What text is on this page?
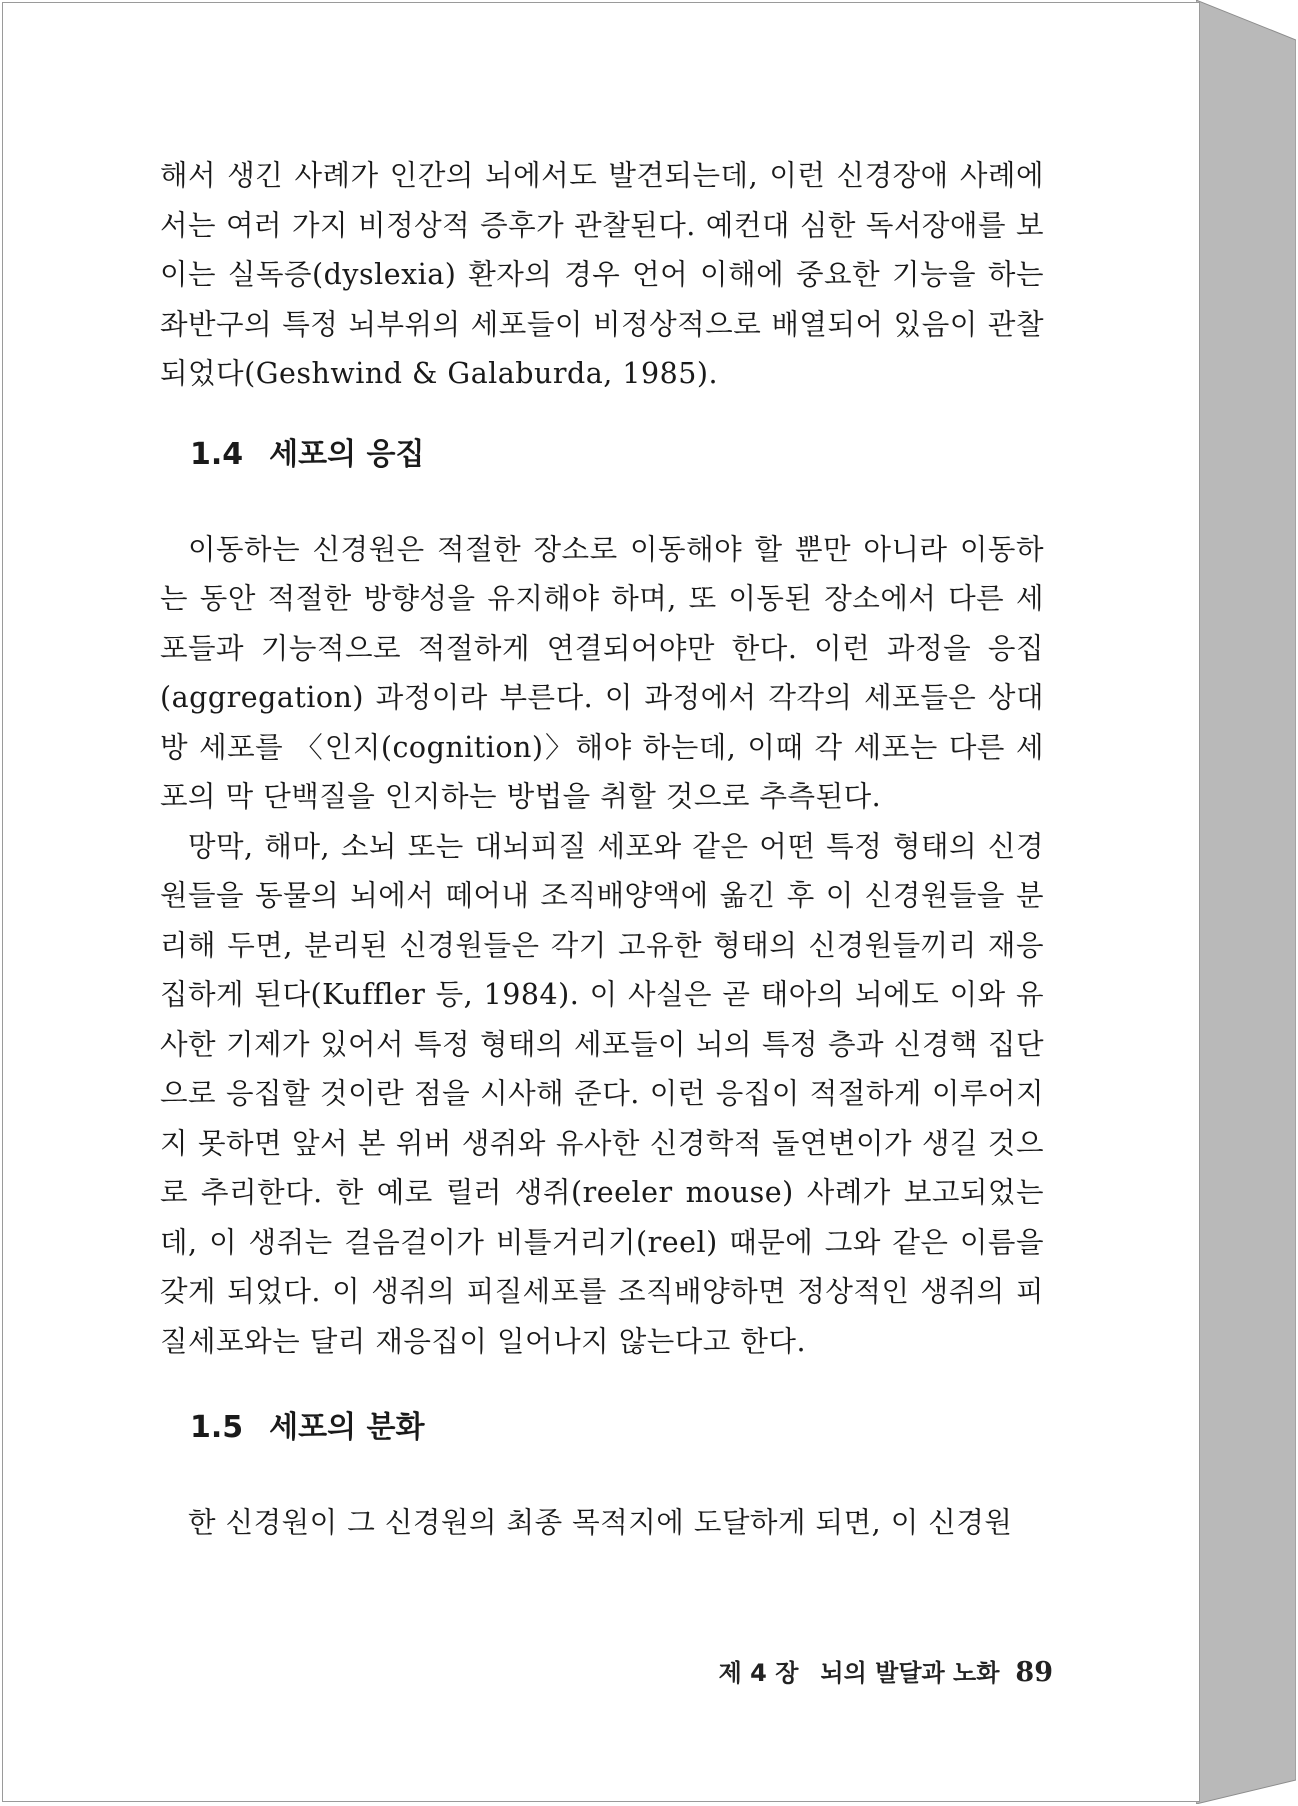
해서 생긴 사례가 인간의 뇌에서도 발견되는데, 이런 신경장애 사례에서는 여러 가지 비정상적 증후가 관찰된다. 예컨대 심한 독서장애를 보이는 실독증(dyslexia) 환자의 경우 언어 이해에 중요한 기능을 하는 좌반구의 특정 뇌부위의 세포들이 비정상적으로 배열되어 있음이 관찰되었다(Geshwind & Galaburda, 1985).

1.4 세포의 응집

이동하는 신경원은 적절한 장소로 이동해야 할 뿐만 아니라 이동하는 동안 적절한 방향성을 유지해야 하며, 또 이동된 장소에서 다른 세포들과 기능적으로 적절하게 연결되어야만 한다. 이런 과정을 응집(aggregation) 과정이라 부른다. 이 과정에서 각각의 세포들은 상대방 세포를 〈인지(cognition)〉해야 하는데, 이때 각 세포는 다른 세포의 막 단백질을 인지하는 방법을 취할 것으로 추측된다.

망막, 해마, 소뇌 또는 대뇌피질 세포와 같은 어떤 특정 형태의 신경원들을 동물의 뇌에서 떼어내 조직배양액에 옮긴 후 이 신경원들을 분리해 두면, 분리된 신경원들은 각기 고유한 형태의 신경원들끼리 재응집하게 된다(Kuffler 등, 1984). 이 사실은 곧 태아의 뇌에도 이와 유사한 기제가 있어서 특정 형태의 세포들이 뇌의 특정 층과 신경핵 집단으로 응집할 것이란 점을 시사해 준다. 이런 응집이 적절하게 이루어지지 못하면 앞서 본 위버 생쥐와 유사한 신경학적 돌연변이가 생길 것으로 추리한다. 한 예로 릴러 생쥐(reeler mouse) 사례가 보고되었는데, 이 생쥐는 걸음걸이가 비틀거리기(reel) 때문에 그와 같은 이름을 갖게 되었다. 이 생쥐의 피질세포를 조직배양하면 정상적인 생쥐의 피질세포와는 달리 재응집이 일어나지 않는다고 한다.

1.5 세포의 분화

한 신경원이 그 신경원의 최종 목적지에 도달하게 되면, 이 신경원

제 4 장 뇌의 발달과 노화 89
